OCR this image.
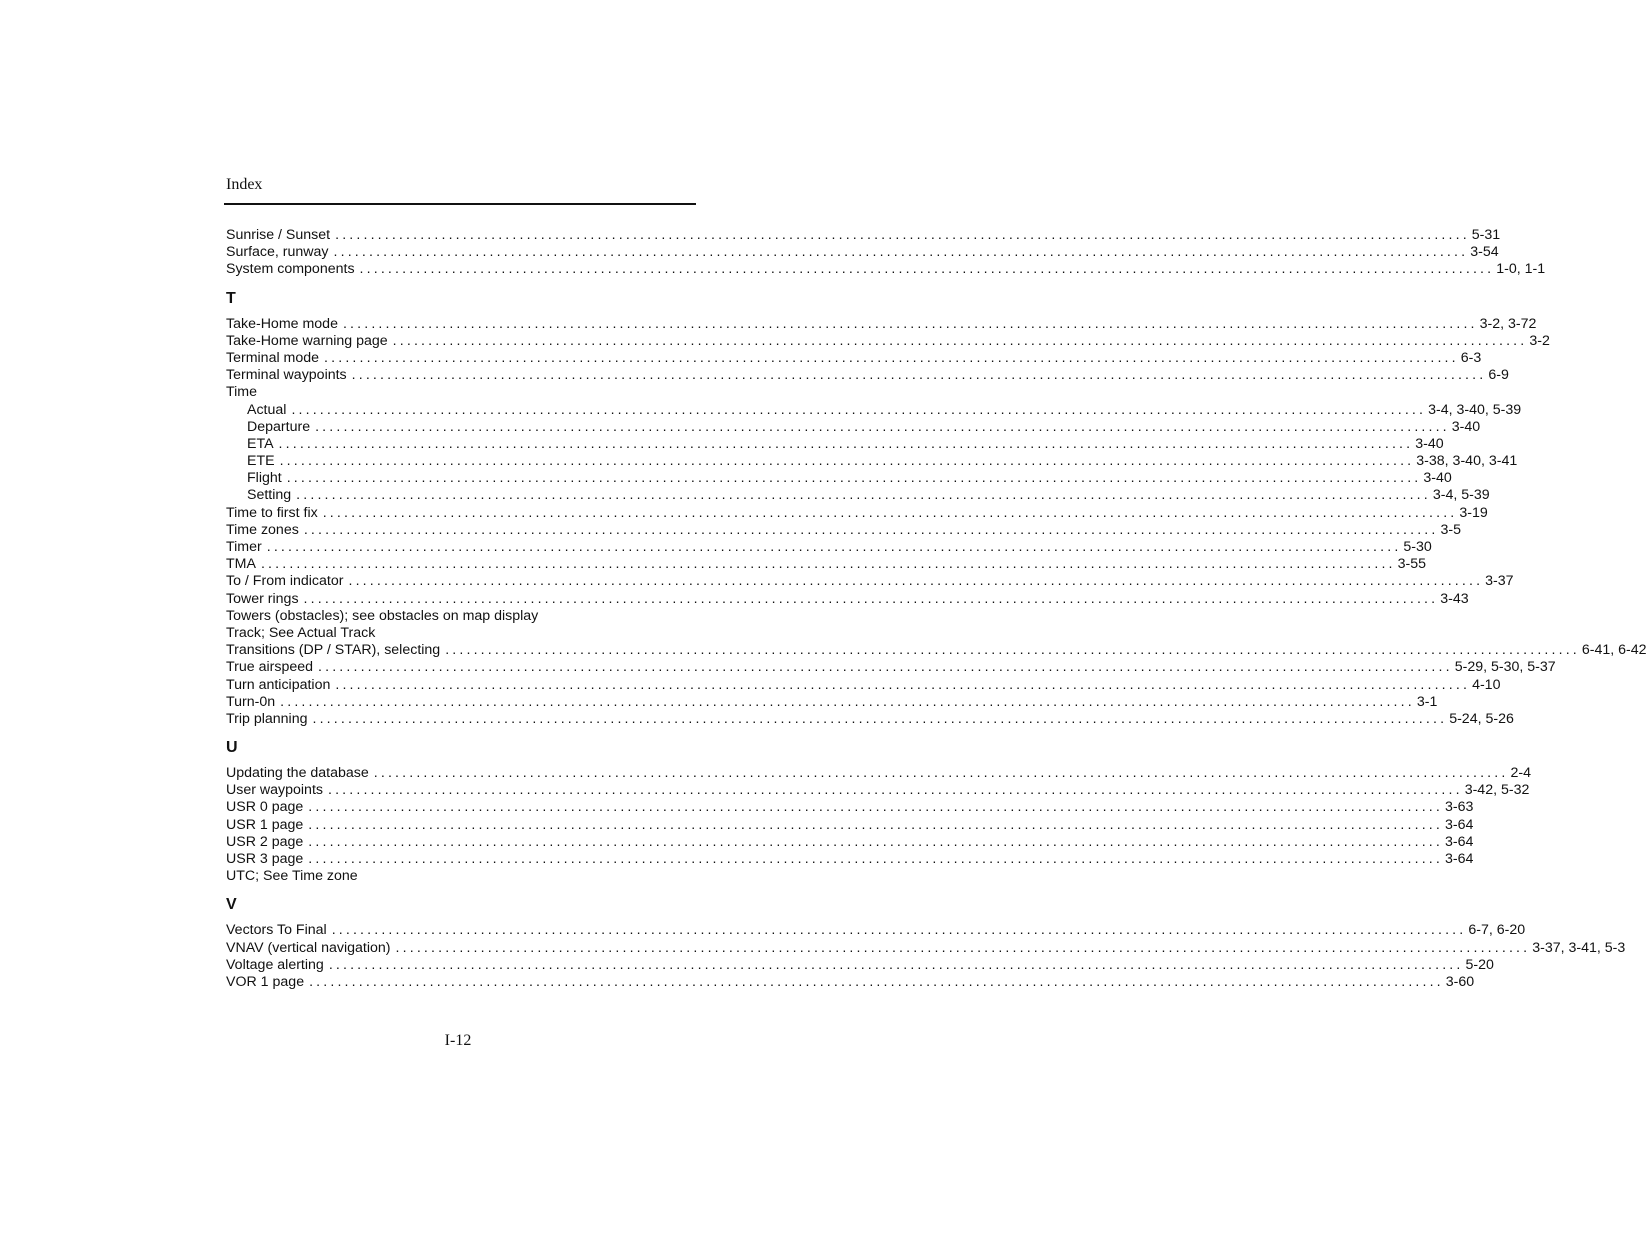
Index
Sunrise / Sunset ................................................................................................................................................................ 5-31
Surface, runway ................................................................................................................................................................ 3-54
System components ................................................................................................................................................................ 1-0, 1-1
T
Take-Home mode ................................................................................................................................................................ 3-2, 3-72
Take-Home warning page ................................................................................................................................................................ 3-2
Terminal mode ................................................................................................................................................................ 6-3
Terminal waypoints ................................................................................................................................................................ 6-9
Time
Actual ................................................................................................................................................................ 3-4, 3-40, 5-39
Departure ................................................................................................................................................................ 3-40
ETA ................................................................................................................................................................ 3-40
ETE ................................................................................................................................................................ 3-38, 3-40, 3-41
Flight ................................................................................................................................................................ 3-40
Setting ................................................................................................................................................................ 3-4, 5-39
Time to first fix ................................................................................................................................................................ 3-19
Time zones ................................................................................................................................................................ 3-5
Timer ................................................................................................................................................................ 5-30
TMA ................................................................................................................................................................ 3-55
To / From indicator ................................................................................................................................................................ 3-37
Tower rings ................................................................................................................................................................ 3-43
Towers (obstacles); see obstacles on map display
Track; See Actual Track
Transitions (DP / STAR), selecting ................................................................................................................................................................ 6-41, 6-42
True airspeed ................................................................................................................................................................ 5-29, 5-30, 5-37
Turn anticipation ................................................................................................................................................................ 4-10
Turn-0n ................................................................................................................................................................ 3-1
Trip planning ................................................................................................................................................................ 5-24, 5-26
U
Updating the database ................................................................................................................................................................ 2-4
User waypoints ................................................................................................................................................................ 3-42, 5-32
USR 0 page ................................................................................................................................................................ 3-63
USR 1 page ................................................................................................................................................................ 3-64
USR 2 page ................................................................................................................................................................ 3-64
USR 3 page ................................................................................................................................................................ 3-64
UTC; See Time zone
V
Vectors To Final ................................................................................................................................................................ 6-7, 6-20
VNAV (vertical navigation) ................................................................................................................................................................ 3-37, 3-41, 5-3
Voltage alerting ................................................................................................................................................................ 5-20
VOR 1 page ................................................................................................................................................................ 3-60
I-12
